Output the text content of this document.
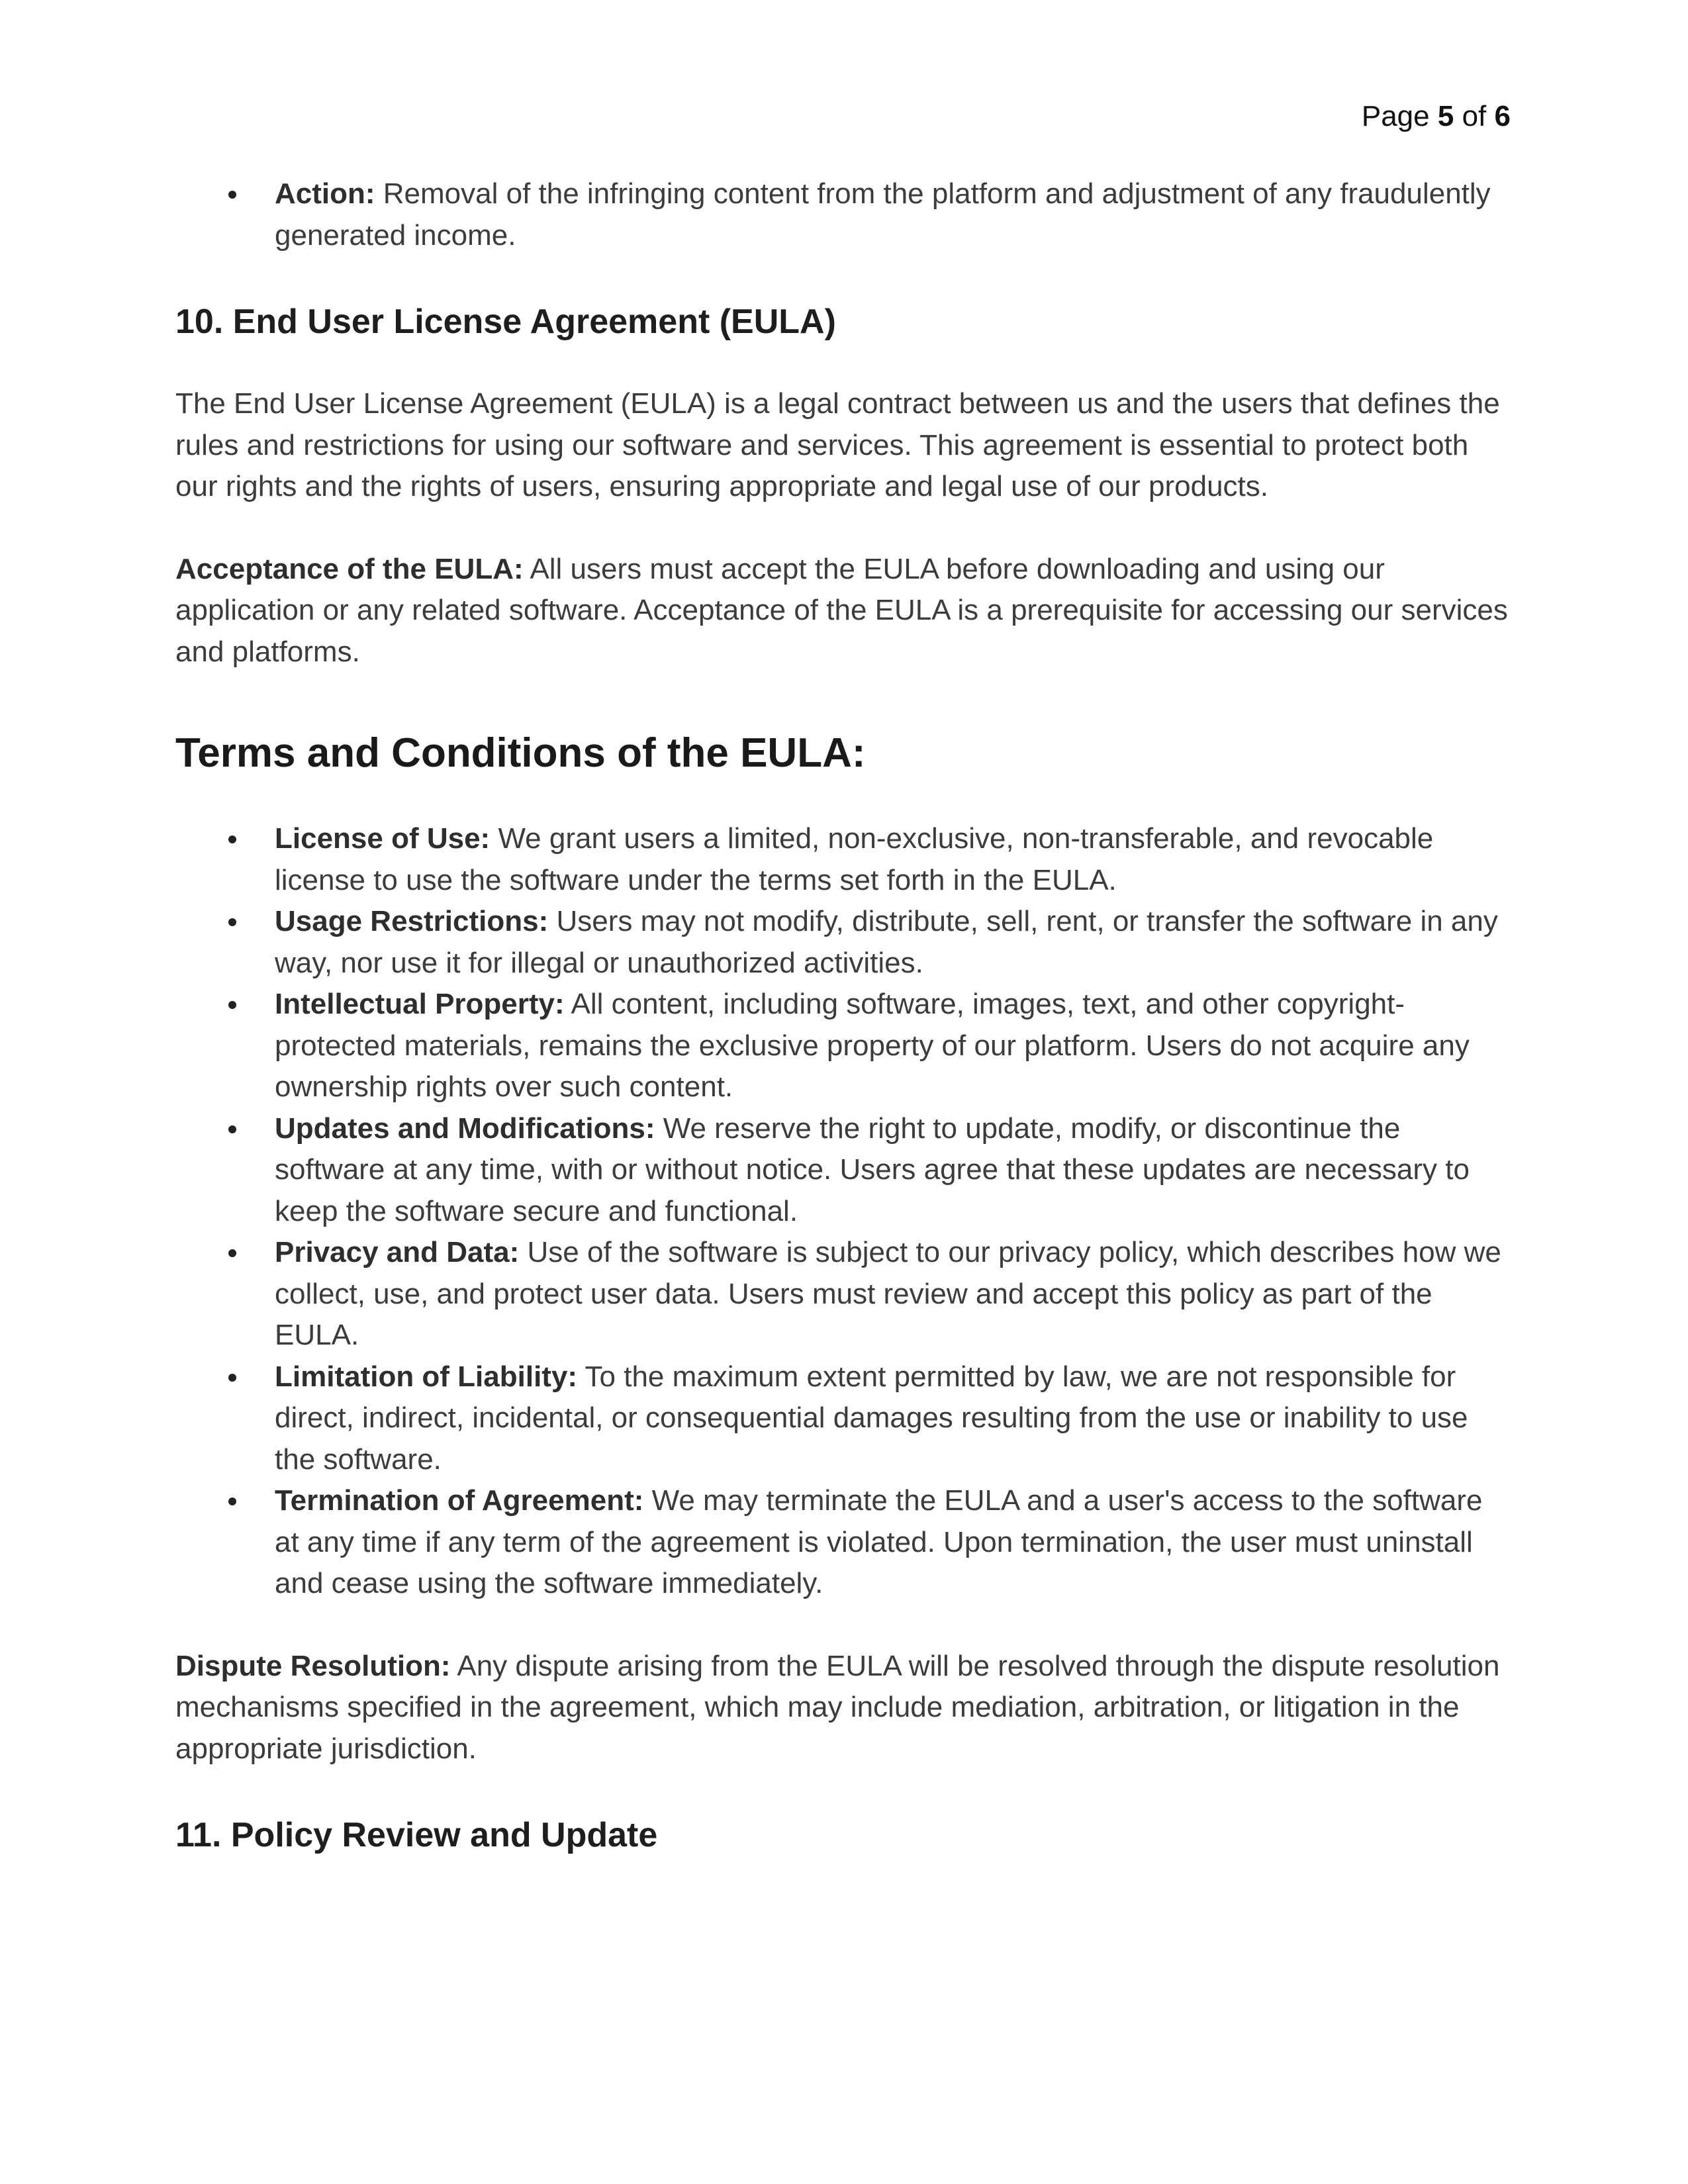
Page 5 of 6
Action: Removal of the infringing content from the platform and adjustment of any fraudulently generated income.
10. End User License Agreement (EULA)

The End User License Agreement (EULA) is a legal contract between us and the users that defines the rules and restrictions for using our software and services. This agreement is essential to protect both our rights and the rights of users, ensuring appropriate and legal use of our products.

Acceptance of the EULA: All users must accept the EULA before downloading and using our application or any related software. Acceptance of the EULA is a prerequisite for accessing our services and platforms.

Terms and Conditions of the EULA:
License of Use: We grant users a limited, non-exclusive, non-transferable, and revocable license to use the software under the terms set forth in the EULA.
Usage Restrictions: Users may not modify, distribute, sell, rent, or transfer the software in any way, nor use it for illegal or unauthorized activities.
Intellectual Property: All content, including software, images, text, and other copyright-protected materials, remains the exclusive property of our platform. Users do not acquire any ownership rights over such content.
Updates and Modifications: We reserve the right to update, modify, or discontinue the software at any time, with or without notice. Users agree that these updates are necessary to keep the software secure and functional.
Privacy and Data: Use of the software is subject to our privacy policy, which describes how we collect, use, and protect user data. Users must review and accept this policy as part of the EULA.
Limitation of Liability: To the maximum extent permitted by law, we are not responsible for direct, indirect, incidental, or consequential damages resulting from the use or inability to use the software.
Termination of Agreement: We may terminate the EULA and a user's access to the software at any time if any term of the agreement is violated. Upon termination, the user must uninstall and cease using the software immediately.

Dispute Resolution: Any dispute arising from the EULA will be resolved through the dispute resolution mechanisms specified in the agreement, which may include mediation, arbitration, or litigation in the appropriate jurisdiction.

11. Policy Review and Update
